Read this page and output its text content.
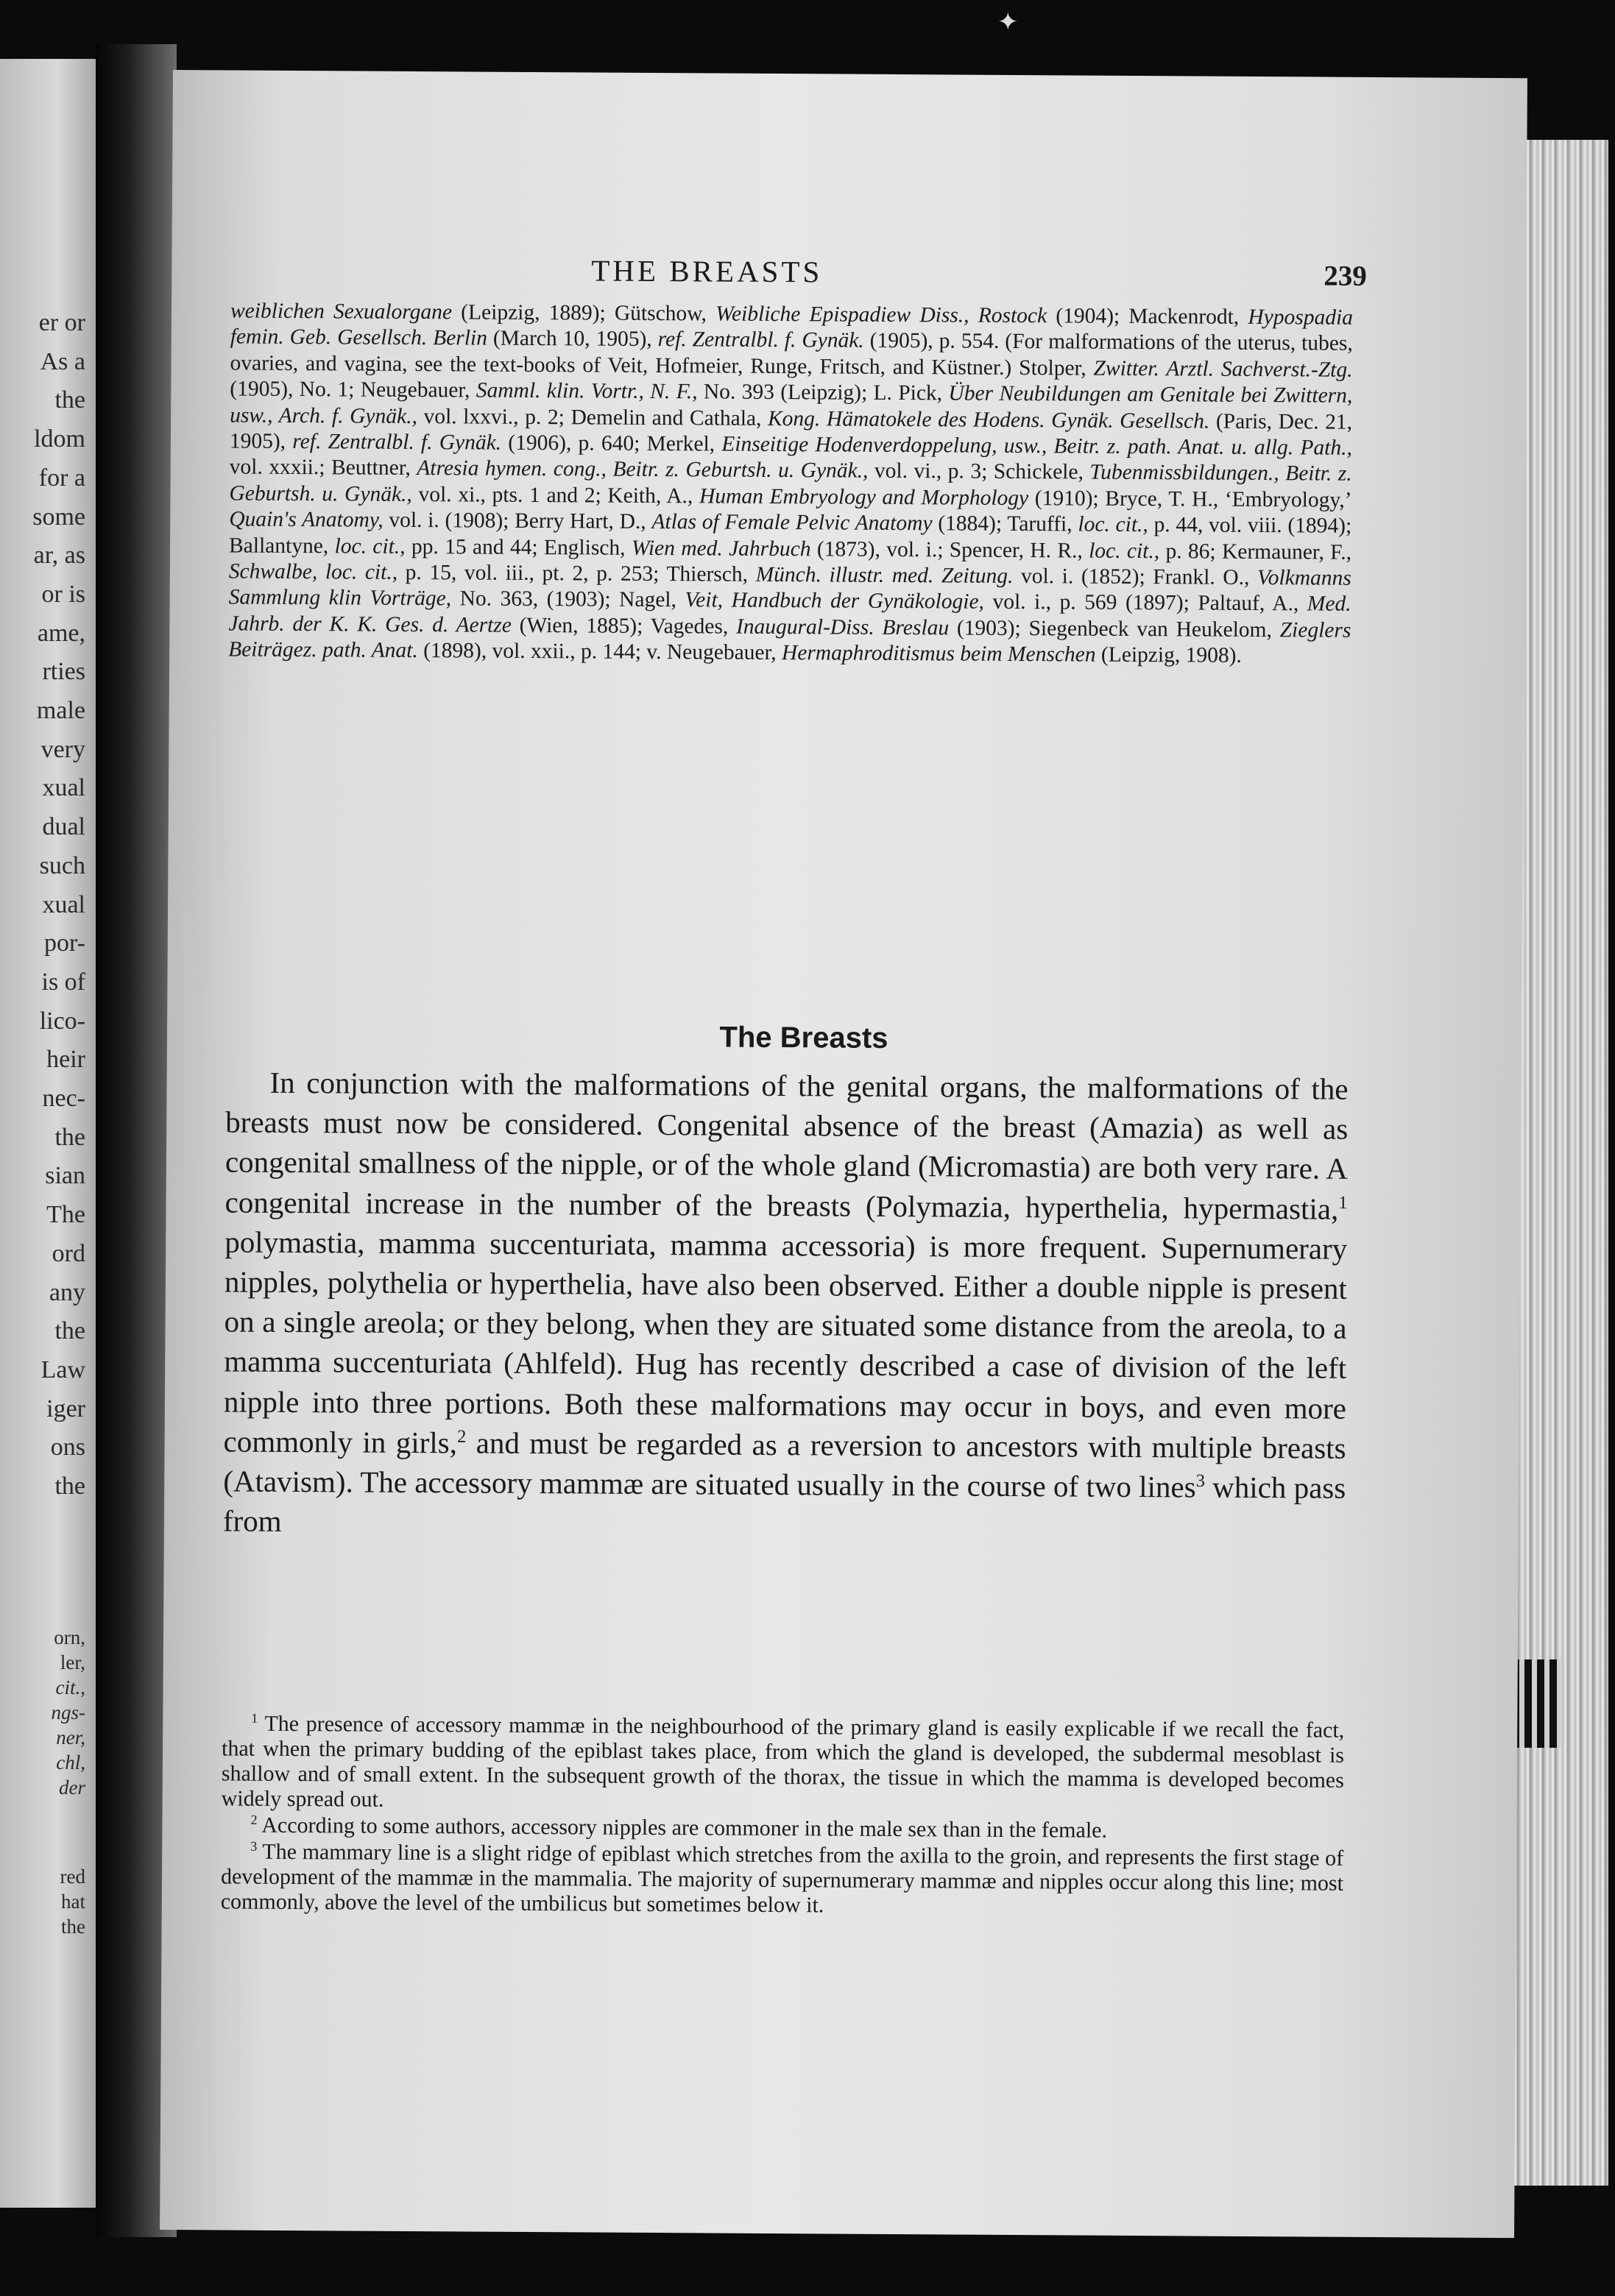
er or
As a
the
ldom
for a
some
ar, as
or is
ame,
rties
male
very
xual
dual
such
xual
por-
is of
lico-
heir
nec-
the
sian
The
ord
any
the
Law
iger
ons
the
orn,
ler,
cit.,
ngs-
ner,
chl,
der
red
hat
the
✦
THE BREASTS	239
weiblichen Sexualorgane (Leipzig, 1889); Gütschow, Weibliche Epispadiew Diss., Rostock (1904); Mackenrodt, Hypospadia femin. Geb. Gesellsch. Berlin (March 10, 1905), ref. Zentralbl. f. Gynäk. (1905), p. 554. (For malformations of the uterus, tubes, ovaries, and vagina, see the text-books of Veit, Hofmeier, Runge, Fritsch, and Küstner.) Stolper, Zwitter. Arztl. Sachverst.-Ztg. (1905), No. 1; Neugebauer, Samml. klin. Vortr., N. F., No. 393 (Leipzig); L. Pick, Über Neubildungen am Genitale bei Zwittern, usw., Arch. f. Gynäk., vol. lxxvi., p. 2; Demelin and Cathala, Kong. Hämatokele des Hodens. Gynäk. Gesellsch. (Paris, Dec. 21, 1905), ref. Zentralbl. f. Gynäk. (1906), p. 640; Merkel, Einseitige Hodenverdoppelung, usw., Beitr. z. path. Anat. u. allg. Path., vol. xxxii.; Beuttner, Atresia hymen. cong., Beitr. z. Geburtsh. u. Gynäk., vol. vi., p. 3; Schickele, Tubenmissbildungen., Beitr. z. Geburtsh. u. Gynäk., vol. xi., pts. 1 and 2; Keith, A., Human Embryology and Morphology (1910); Bryce, T. H., ‘Embryology,’ Quain's Anatomy, vol. i. (1908); Berry Hart, D., Atlas of Female Pelvic Anatomy (1884); Taruffi, loc. cit., p. 44, vol. viii. (1894); Ballantyne, loc. cit., pp. 15 and 44; Englisch, Wien med. Jahrbuch (1873), vol. i.; Spencer, H. R., loc. cit., p. 86; Kermauner, F., Schwalbe, loc. cit., p. 15, vol. iii., pt. 2, p. 253; Thiersch, Münch. illustr. med. Zeitung. vol. i. (1852); Frankl. O., Volkmanns Sammlung klin Vorträge, No. 363, (1903); Nagel, Veit, Handbuch der Gynäkologie, vol. i., p. 569 (1897); Paltauf, A., Med. Jahrb. der K. K. Ges. d. Aertze (Wien, 1885); Vagedes, Inaugural-Diss. Breslau (1903); Siegenbeck van Heukelom, Zieglers Beiträgez. path. Anat. (1898), vol. xxii., p. 144; v. Neugebauer, Hermaphroditismus beim Menschen (Leipzig, 1908).
The Breasts
In conjunction with the malformations of the genital organs, the malformations of the breasts must now be considered. Congenital absence of the breast (Amazia) as well as congenital smallness of the nipple, or of the whole gland (Micromastia) are both very rare. A congenital increase in the number of the breasts (Polymazia, hyperthelia, hypermastia,$^1$ polymastia, mamma succenturiata, mamma accessoria) is more frequent. Supernumerary nipples, polythelia or hyperthelia, have also been observed. Either a double nipple is present on a single areola; or they belong, when they are situated some distance from the areola, to a mamma succenturiata (Ahlfeld). Hug has recently described a case of division of the left nipple into three portions. Both these malformations may occur in boys, and even more commonly in girls,$^2$ and must be regarded as a reversion to ancestors with multiple breasts (Atavism). The accessory mammæ are situated usually in the course of two lines$^3$ which pass from

$^1$ The presence of accessory mammæ in the neighbourhood of the primary gland is easily explicable if we recall the fact, that when the primary budding of the epiblast takes place, from which the gland is developed, the subdermal mesoblast is shallow and of small extent. In the subsequent growth of the thorax, the tissue in which the mamma is developed becomes widely spread out.

$^2$ According to some authors, accessory nipples are commoner in the male sex than in the female.

$^3$ The mammary line is a slight ridge of epiblast which stretches from the axilla to the groin, and represents the first stage of development of the mammæ in the mammalia. The majority of supernumerary mammæ and nipples occur along this line; most commonly, above the level of the umbilicus but sometimes below it.
